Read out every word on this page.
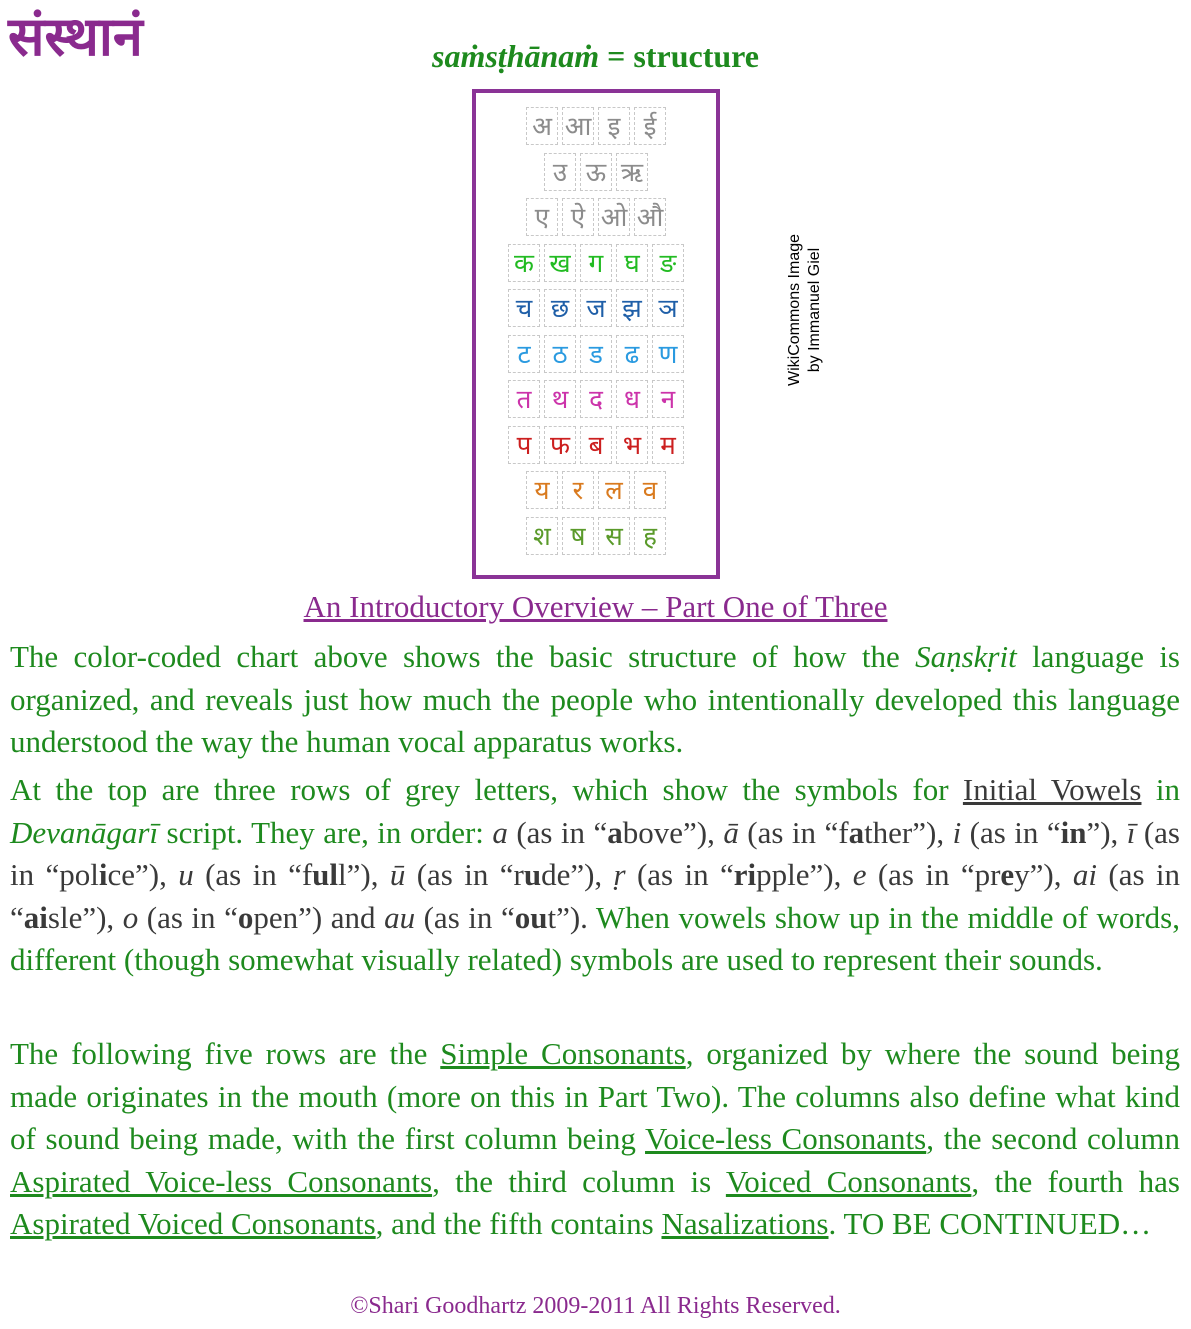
संस्थानं	saṁsṭhānaṁ = structure
अ आ इ ई
उ ऊ ऋ
ए ऐ ओ औ
क ख ग घ ङ
च छ ज झ ञ
ट ठ ड ढ ण
त थ द ध न
प फ ब भ म
य र ल व
श ष स ह
WikiCommons Image by Immanuel Giel
An Introductory Overview – Part One of Three
The color-coded chart above shows the basic structure of how the Saṇskṛit language is organized, and reveals just how much the people who intentionally developed this language understood the way the human vocal apparatus works.
At the top are three rows of grey letters, which show the symbols for Initial Vowels in Devanāgarī script. They are, in order: a (as in “above”), ā (as in “father”), i (as in “in”), ī (as in “police”), u (as in “full”), ū (as in “rude”), ṛ (as in “ripple”), e (as in “prey”), ai (as in “aisle”), o (as in “open”) and au (as in “out”). When vowels show up in the middle of words, different (though somewhat visually related) symbols are used to represent their sounds.
The following five rows are the Simple Consonants, organized by where the sound being made originates in the mouth (more on this in Part Two). The columns also define what kind of sound being made, with the first column being Voice-less Consonants, the second column Aspirated Voice-less Consonants, the third column is Voiced Consonants, the fourth has Aspirated Voiced Consonants, and the fifth contains Nasalizations. TO BE CONTINUED…
©Shari Goodhartz 2009-2011 All Rights Reserved.
